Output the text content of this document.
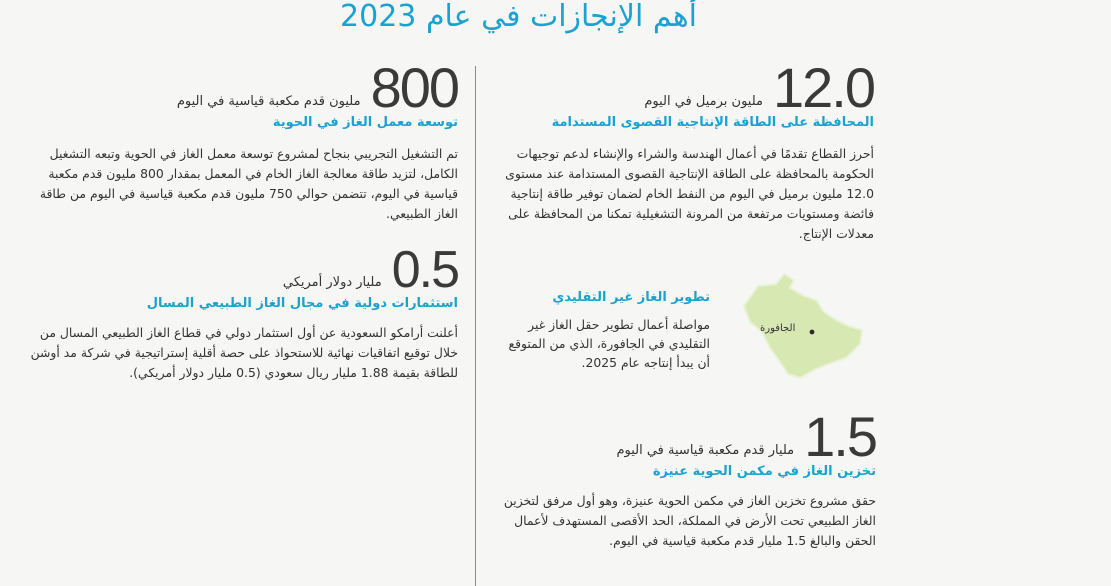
أهم الإنجازات في عام 2023
مليون قدم مكعبة قياسية في اليوم 800
توسعة معمل الغاز في الحوية
تم التشغيل التجريبي بنجاح لمشروع توسعة معمل الغاز في الحوية وتبعه التشغيل الكامل، لتزيد طاقة معالجة الغاز الخام في المعمل بمقدار 800 مليون قدم مكعبة قياسية في اليوم، تتضمن حوالي 750 مليون قدم مكعبة قياسية في اليوم من طاقة الغاز الطبيعي.
مليار دولار أمريكي 0.5
استثمارات دولية في مجال الغاز الطبيعي المسال
أعلنت أرامكو السعودية عن أول استثمار دولي في قطاع الغاز الطبيعي المسال من خلال توقيع اتفاقيات نهائية للاستحواذ على حصة أقلية إستراتيجية في شركة مد أوشن للطاقة بقيمة 1.88 مليار ريال سعودي (0.5 مليار دولار أمريكي).
مليون برميل في اليوم 12.0
المحافظة على الطاقة الإنتاجية القصوى المستدامة
أحرز القطاع تقدمًا في أعمال الهندسة والشراء والإنشاء لدعم توجيهات الحكومة بالمحافظة على الطاقة الإنتاجية القصوى المستدامة عند مستوى 12.0 مليون برميل في اليوم من النفط الخام لضمان توفير طاقة إنتاجية فائضة ومستويات مرتفعة من المرونة التشغيلية تمكنا من المحافظة على معدلات الإنتاج.
الجافورة
تطوير الغاز غير التقليدي
مواصلة أعمال تطوير حقل الغاز غير التقليدي في الجافورة، الذي من المتوقع أن يبدأ إنتاجه عام 2025.
مليار قدم مكعبة قياسية في اليوم 1.5
تخزين الغاز في مكمن الحوية عنيزة
حقق مشروع تخزين الغاز في مكمن الحوية عنيزة، وهو أول مرفق لتخزين الغاز الطبيعي تحت الأرض في المملكة، الحد الأقصى المستهدف لأعمال الحقن والبالغ 1.5 مليار قدم مكعبة قياسية في اليوم.
